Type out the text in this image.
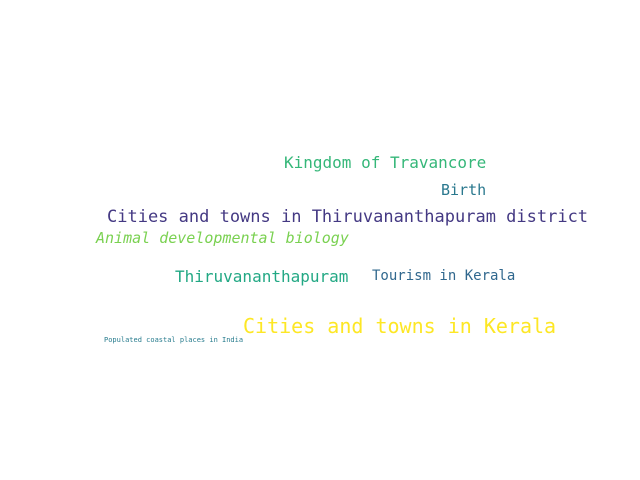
Cities and towns in Kerala
Cities and towns in Thiruvananthapuram district
Kingdom of Travancore
Thiruvananthapuram
Animal developmental biology
Birth
Tourism in Kerala
Populated coastal places in India
